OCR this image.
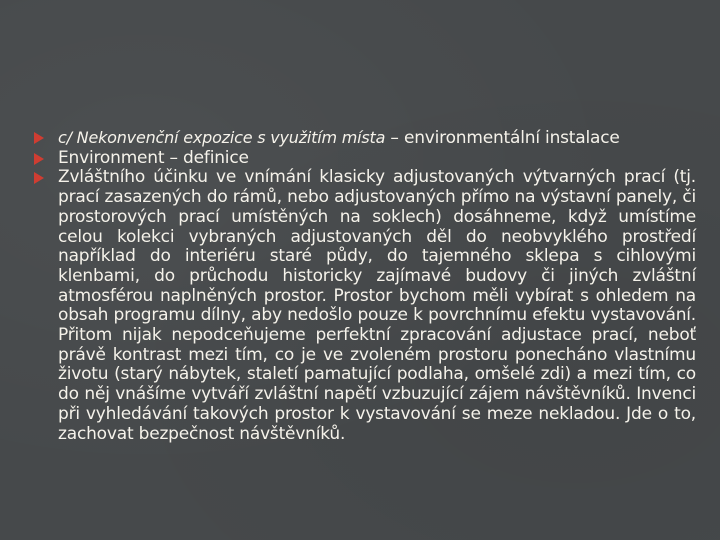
c/ Nekonvenční expozice s využitím místa – environmentální instalace
Environment – definice
Zvláštního účinku ve vnímání klasicky adjustovaných výtvarných prací (tj. prací zasazených do rámů, nebo adjustovaných přímo na výstavní panely, či prostorových prací umístěných na soklech) dosáhneme, když umístíme celou kolekci vybraných adjustovaných děl do neobvyklého prostředí například do interiéru staré půdy, do tajemného sklepa s cihlovými klenbami, do průchodu historicky zajímavé budovy či jiných zvláštní atmosférou naplněných prostor. Prostor bychom měli vybírat s ohledem na obsah programu dílny, aby nedošlo pouze k povrchnímu efektu vystavování. Přitom nijak nepodceňujeme perfektní zpracování adjustace prací, neboť právě kontrast mezi tím, co je ve zvoleném prostoru ponecháno vlastnímu životu (starý nábytek, staletí pamatující podlaha, omšelé zdi) a mezi tím, co do něj vnášíme vytváří zvláštní napětí vzbuzující zájem návštěvníků. Invenci při vyhledávání takových prostor k vystavování se meze nekladou. Jde o to, zachovat bezpečnost návštěvníků.
